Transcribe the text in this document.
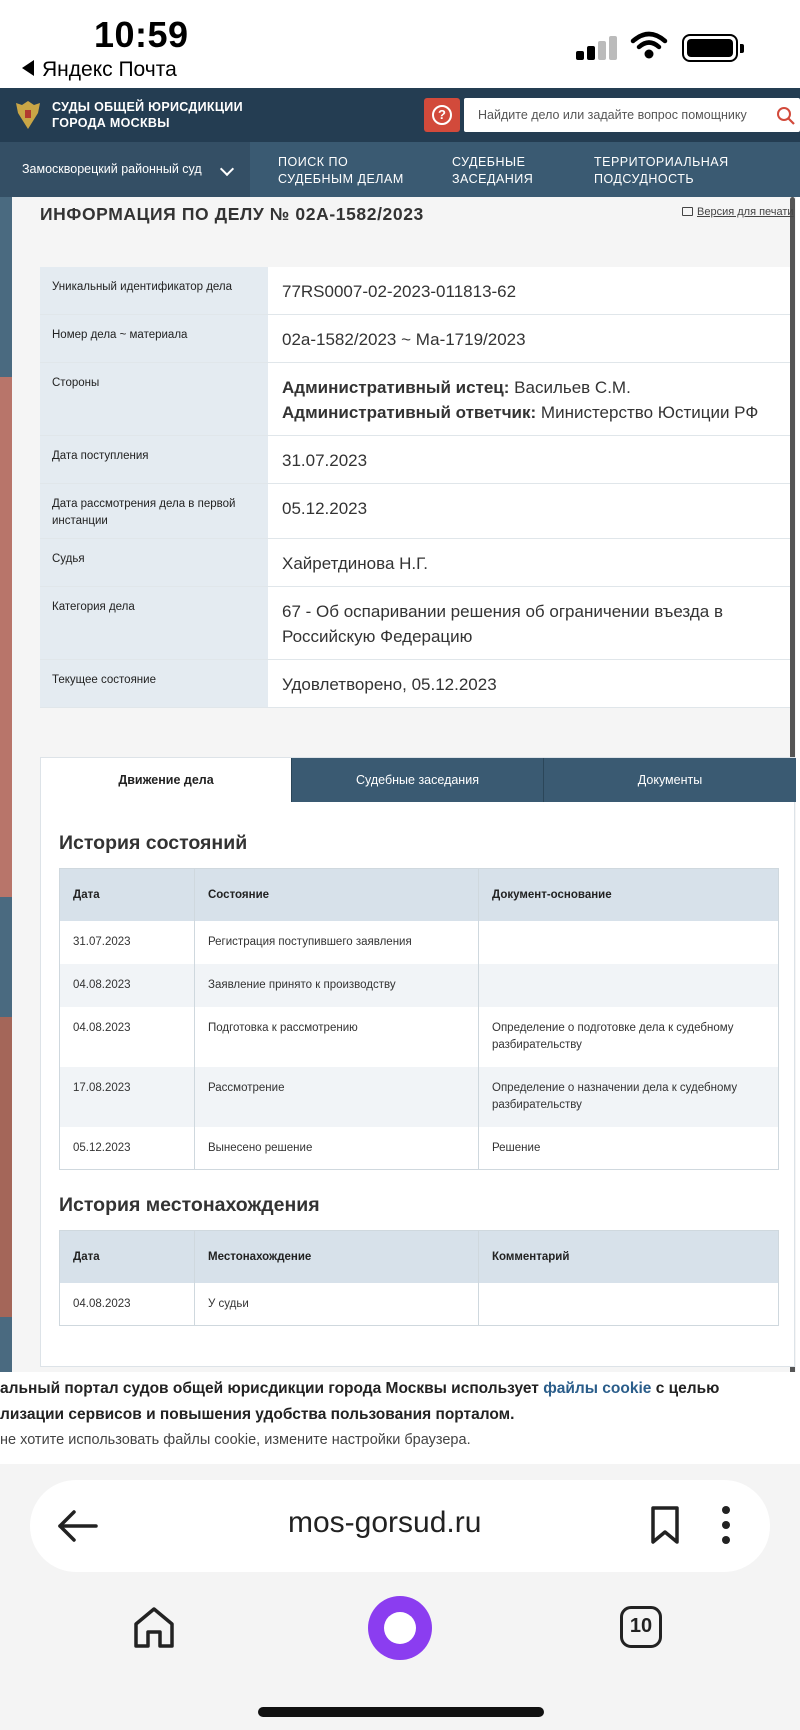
10:59
Яндекс Почта
СУДЫ ОБЩЕЙ ЮРИСДИКЦИИ
ГОРОДА МОСКВЫ
?
Найдите дело или задайте вопрос помощнику
Замоскворецкий районный суд	ПОИСК ПО
СУДЕБНЫМ ДЕЛАМ
СУДЕБНЫЕ
ЗАСЕДАНИЯ
ТЕРРИТОРИАЛЬНАЯ
ПОДСУДНОСТЬ
ИНФОРМАЦИЯ ПО ДЕЛУ № 02А-1582/2023	Версия для печати
Уникальный идентификатор дела	77RS0007-02-2023-011813-62
Номер дела ~ материала	02а-1582/2023 ~ Ма-1719/2023
Стороны	Административный истец: Васильев С.М.
Административный ответчик: Министерство Юстиции РФ
Дата поступления	31.07.2023
Дата рассмотрения дела в первой инстанции	05.12.2023
Судья	Хайретдинова Н.Г.
Категория дела	67 - Об оспаривании решения об ограничении въезда в Российскую Федерацию
Текущее состояние	Удовлетворено, 05.12.2023
Движение дела	Судебные заседания	Документы
История состояний
Дата	Состояние	Документ-основание
31.07.2023	Регистрация поступившего заявления	
04.08.2023	Заявление принято к производству	
04.08.2023	Подготовка к рассмотрению	Определение о подготовке дела к судебному разбирательству
17.08.2023	Рассмотрение	Определение о назначении дела к судебному разбирательству
05.12.2023	Вынесено решение	Решение
История местонахождения
Дата	Местонахождение	Комментарий
04.08.2023	У судьи	
альный портал судов общей юрисдикции города Москвы использует файлы cookie с целью
лизации сервисов и повышения удобства пользования порталом.
не хотите использовать файлы cookie, измените настройки браузера.
mos-gorsud.ru
10
